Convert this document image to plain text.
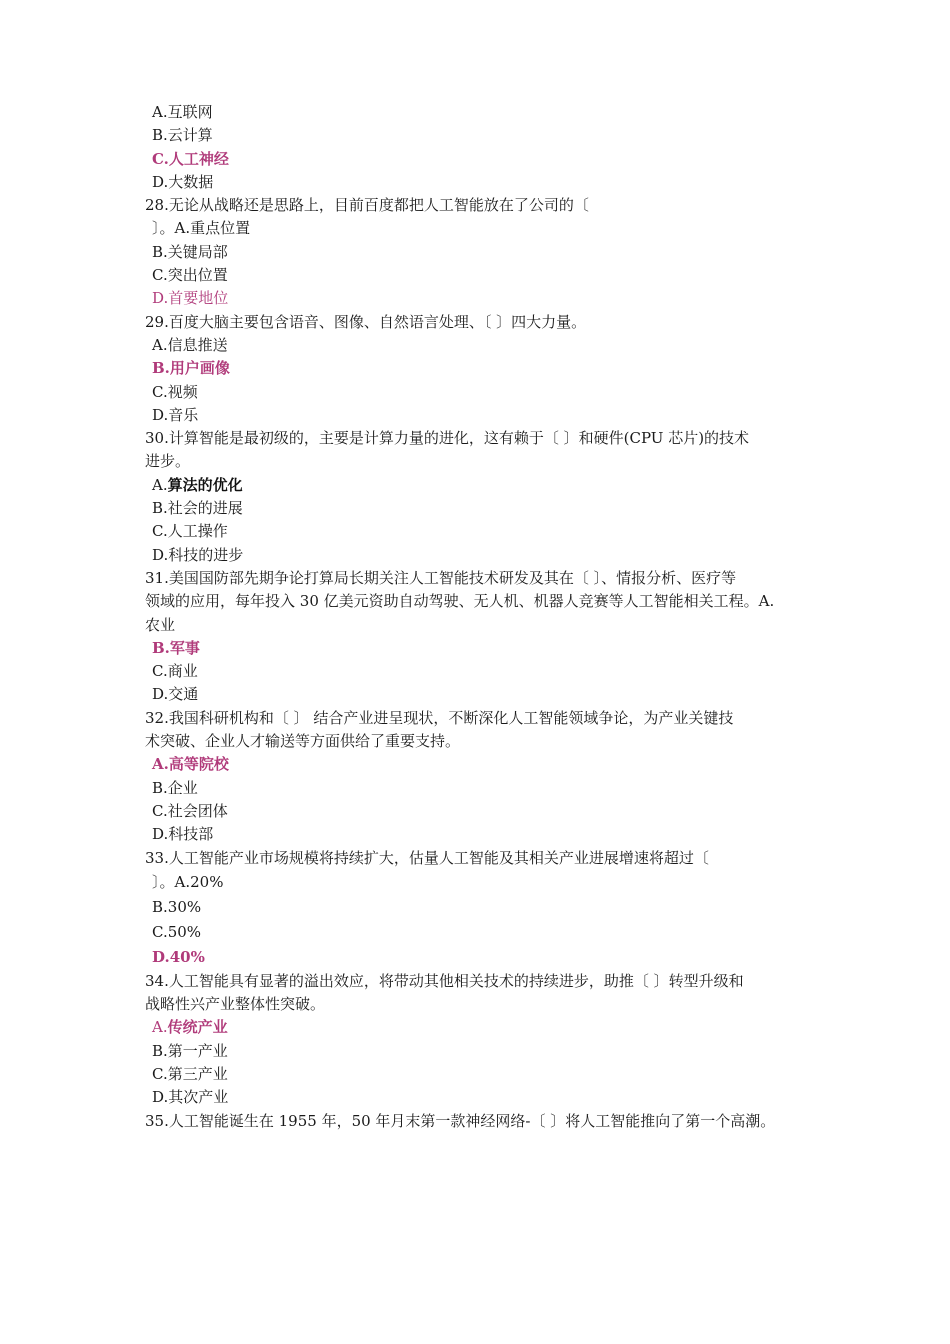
A.互联网
B.云计算
C.人工神经
D.大数据
28.无论从战略还是思路上，目前百度都把人工智能放在了公司的〔
〕。A.重点位置
B.关键局部
C.突出位置
D.首要地位
29.百度大脑主要包含语音、图像、自然语言处理、〔 〕四大力量。
A.信息推送
B.用户画像
C.视频
D.音乐
30.计算智能是最初级的，主要是计算力量的进化，这有赖于〔 〕和硬件(CPU 芯片)的技术
进步。
A.算法的优化
B.社会的进展
C.人工操作
D.科技的进步
31.美国国防部先期争论打算局长期关注人工智能技术研发及其在〔 〕、情报分析、医疗等
领域的应用，每年投入 30 亿美元资助自动驾驶、无人机、机器人竞赛等人工智能相关工程。A.
农业
B.军事
C.商业
D.交通
32.我国科研机构和〔 〕 结合产业进呈现状，不断深化人工智能领域争论，为产业关键技
术突破、企业人才输送等方面供给了重要支持。
A.高等院校
B.企业
C.社会团体
D.科技部
33.人工智能产业市场规模将持续扩大，估量人工智能及其相关产业进展增速将超过〔
〕。A.20%
B.30%
C.50%
D.40%
34.人工智能具有显著的溢出效应，将带动其他相关技术的持续进步，助推〔 〕转型升级和
战略性兴产业整体性突破。
A.传统产业
B.第一产业
C.第三产业
D.其次产业
35.人工智能诞生在 1955 年，50 年月末第一款神经网络-〔 〕将人工智能推向了第一个高潮。
